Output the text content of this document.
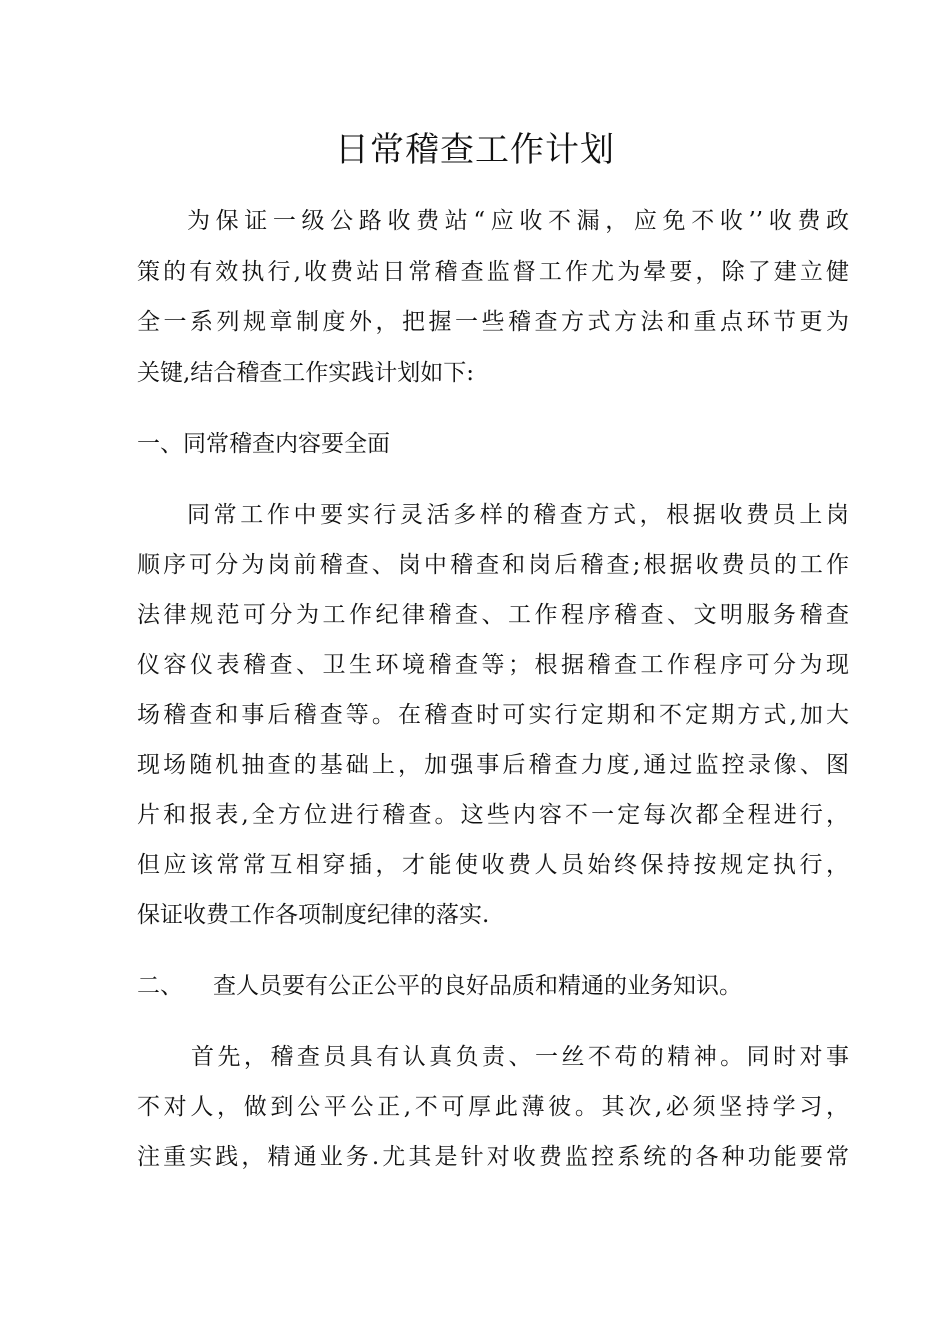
日常稽查工作计划

为保证一级公路收费站“应收不漏，应免不收’’收费政

策的有效执行,收费站日常稽查监督工作尤为晕要，除了建立健

全一系列规章制度外，把握一些稽查方式方法和重点环节更为

关键,结合稽查工作实践计划如下:

一、同常稽查内容要全面

同常工作中要实行灵活多样的稽查方式，根据收费员上岗

顺序可分为岗前稽查、岗中稽查和岗后稽查;根据收费员的工作

法律规范可分为工作纪律稽查、工作程序稽查、文明服务稽查

仪容仪表稽查、卫生环境稽查等；根据稽查工作程序可分为现

场稽查和事后稽查等。在稽查时可实行定期和不定期方式,加大

现场随机抽查的基础上，加强事后稽查力度,通过监控录像、图

片和报表,全方位进行稽查。这些内容不一定每次都全程进行，

但应该常常互相穿插，才能使收费人员始终保持按规定执行，

保证收费工作各项制度纪律的落实.

二、 查人员要有公正公平的良好品质和精通的业务知识。

首先，稽查员具有认真负责、一丝不苟的精神。同时对事

不对人，做到公平公正,不可厚此薄彼。其次,必须坚持学习，

注重实践，精通业务.尤其是针对收费监控系统的各种功能要常
